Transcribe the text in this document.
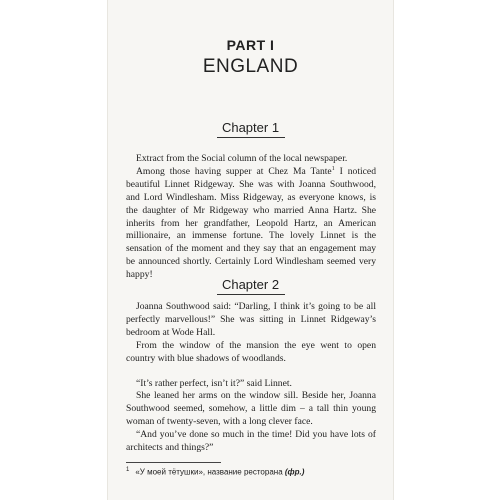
PART I
ENGLAND
Chapter 1

Extract from the Social column of the local newspaper.

Among those having supper at Chez Ma Tante$^1$ I noticed beautiful Linnet Ridgeway. She was with Joanna Southwood, and Lord Windlesham. Miss Ridgeway, as everyone knows, is the daughter of Mr Ridgeway who married Anna Hartz. She inherits from her grandfather, Leopold Hartz, an American millionaire, an immense fortune. The lovely Linnet is the sensation of the moment and they say that an engagement may be announced shortly. Certainly Lord Windlesham seemed very happy!

Chapter 2

Joanna Southwood said: “Darling, I think it’s going to be all perfectly marvellous!” She was sitting in Linnet Ridgeway’s bedroom at Wode Hall.

From the window of the mansion the eye went to open country with blue shadows of woodlands.

“It’s rather perfect, isn’t it?” said Linnet.

She leaned her arms on the window sill. Beside her, Joanna Southwood seemed, somehow, a little dim – a tall thin young woman of twenty-seven, with a long clever face.

“And you’ve done so much in the time! Did you have lots of architects and things?”

$^1$ «У моей тётушки», название ресторана (фр.)
